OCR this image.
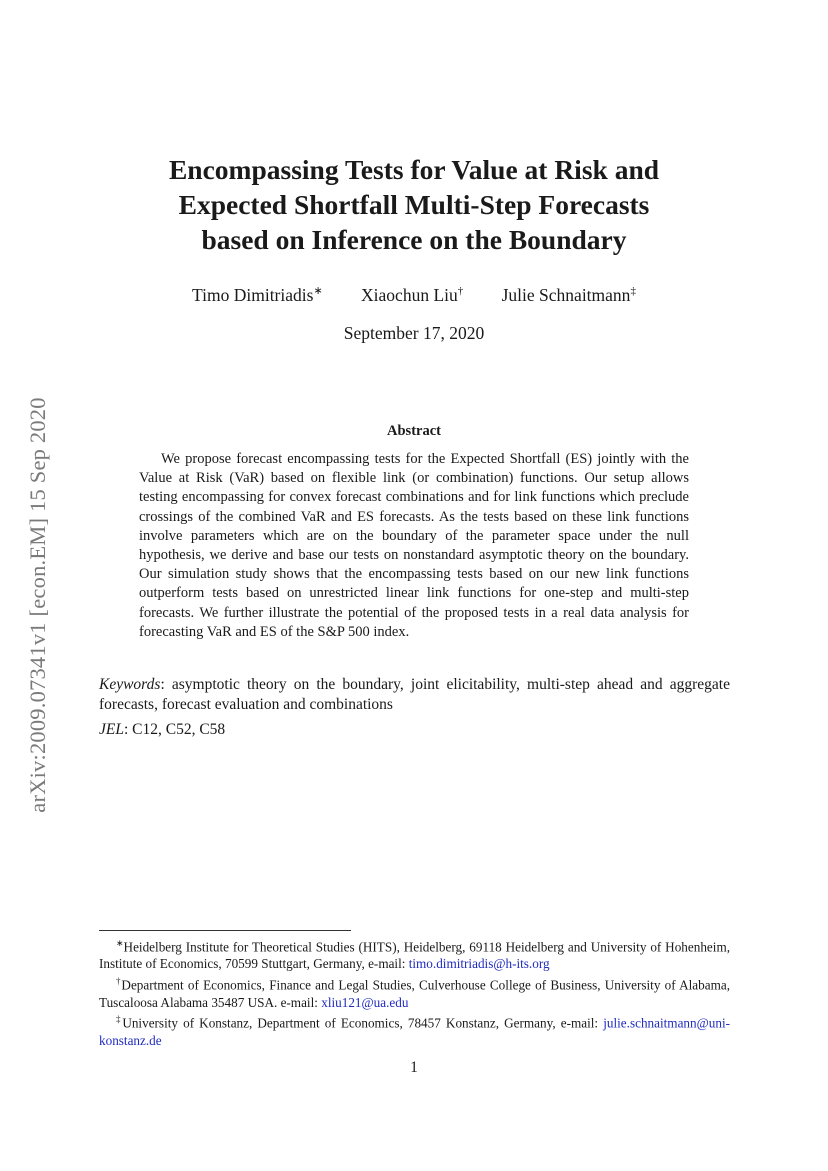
arXiv:2009.07341v1 [econ.EM] 15 Sep 2020
Encompassing Tests for Value at Risk and
Expected Shortfall Multi-Step Forecasts
based on Inference on the Boundary
Timo Dimitriadis∗ Xiaochun Liu† Julie Schnaitmann‡
September 17, 2020
Abstract
We propose forecast encompassing tests for the Expected Shortfall (ES) jointly with the Value at Risk (VaR) based on flexible link (or combination) functions. Our setup allows testing encompassing for convex forecast combinations and for link functions which preclude crossings of the combined VaR and ES forecasts. As the tests based on these link functions involve parameters which are on the boundary of the parameter space under the null hypothesis, we derive and base our tests on nonstandard asymptotic theory on the boundary. Our simulation study shows that the encompassing tests based on our new link functions outperform tests based on unrestricted linear link functions for one-step and multi-step forecasts. We further illustrate the potential of the proposed tests in a real data analysis for forecasting VaR and ES of the S&P 500 index.
Keywords: asymptotic theory on the boundary, joint elicitability, multi-step ahead and aggregate forecasts, forecast evaluation and combinations
JEL: C12, C52, C58

∗Heidelberg Institute for Theoretical Studies (HITS), Heidelberg, 69118 Heidelberg and University of Hohenheim, Institute of Economics, 70599 Stuttgart, Germany, e-mail: timo.dimitriadis@h-its.org

†Department of Economics, Finance and Legal Studies, Culverhouse College of Business, University of Alabama, Tuscaloosa Alabama 35487 USA. e-mail: xliu121@ua.edu

‡University of Konstanz, Department of Economics, 78457 Konstanz, Germany, e-mail: julie.schnaitmann@uni-konstanz.de

1
